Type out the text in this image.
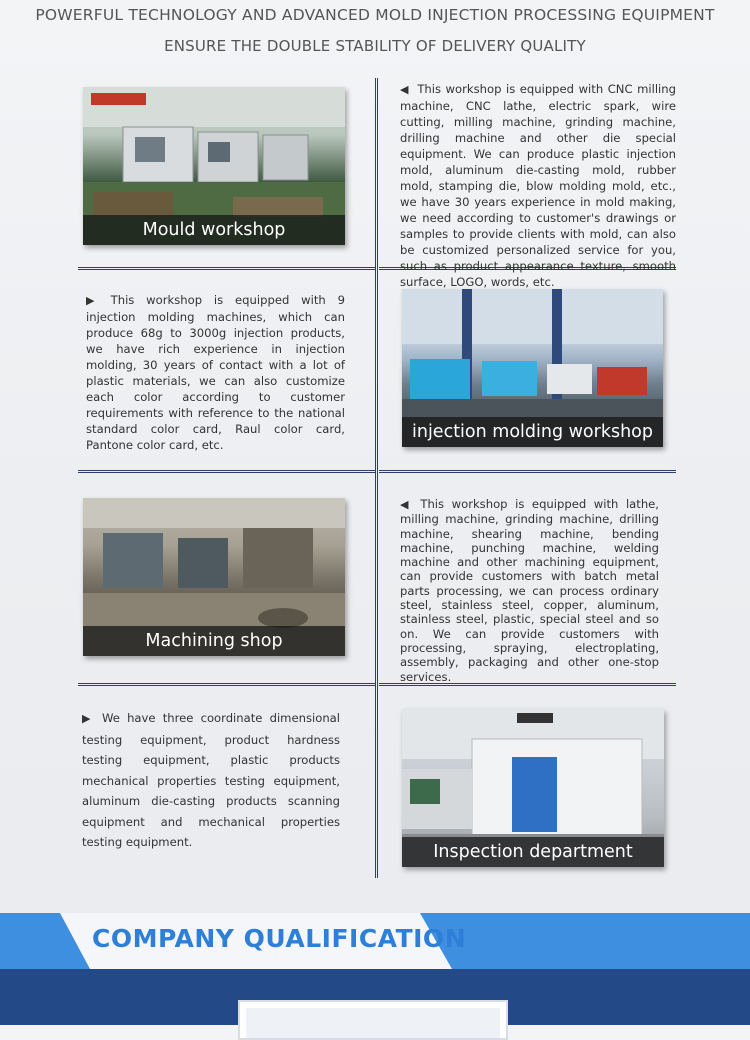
POWERFUL TECHNOLOGY AND ADVANCED MOLD INJECTION PROCESSING EQUIPMENT
ENSURE THE DOUBLE STABILITY OF DELIVERY QUALITY
Mould workshop
◀ This workshop is equipped with CNC milling machine, CNC lathe, electric spark, wire cutting, milling machine, grinding machine, drilling machine and other die special equipment. We can produce plastic injection mold, aluminum die-casting mold, rubber mold, stamping die, blow molding mold, etc., we have 30 years experience in mold making, we need according to customer's drawings or samples to provide clients with mold, can also be customized personalized service for you, such as product appearance texture, smooth surface, LOGO, words, etc.
▶ This workshop is equipped with 9 injection molding machines, which can produce 68g to 3000g injection products, we have rich experience in injection molding, 30 years of contact with a lot of plastic materials, we can also customize each color according to customer requirements with reference to the national standard color card, Raul color card, Pantone color card, etc.
injection molding workshop
Machining shop
◀ This workshop is equipped with lathe, milling machine, grinding machine, drilling machine, shearing machine, bending machine, punching machine, welding machine and other machining equipment, can provide customers with batch metal parts processing, we can process ordinary steel, stainless steel, copper, aluminum, stainless steel, plastic, special steel and so on. We can provide customers with processing, spraying, electroplating, assembly, packaging and other one-stop services.
▶ We have three coordinate dimensional testing equipment, product hardness testing equipment, plastic products mechanical properties testing equipment, aluminum die-casting products scanning equipment and mechanical properties testing equipment.	Inspection department
COMPANY QUALIFICATION
